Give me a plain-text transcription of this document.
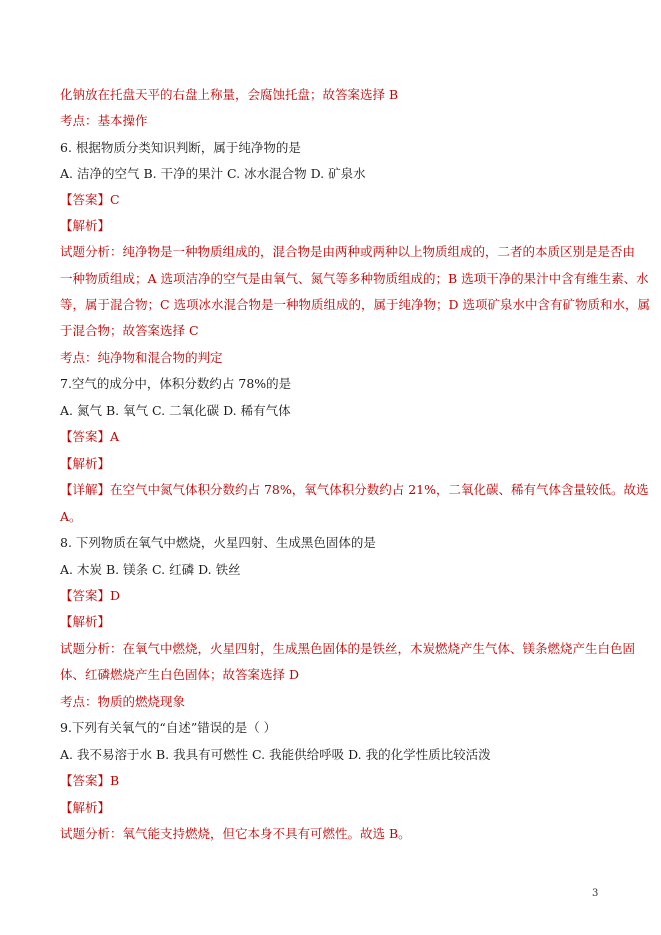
化钠放在托盘天平的右盘上称量，会腐蚀托盘；故答案选择 B
考点：基本操作
6. 根据物质分类知识判断，属于纯净物的是
A. 洁净的空气 B. 干净的果汁 C. 冰水混合物 D. 矿泉水
【答案】C
【解析】
试题分析：纯净物是一种物质组成的，混合物是由两种或两种以上物质组成的，二者的本质区别是是否由
一种物质组成；A 选项洁净的空气是由氧气、氮气等多种物质组成的；B 选项干净的果汁中含有维生素、水
等，属于混合物；C 选项冰水混合物是一种物质组成的，属于纯净物；D 选项矿泉水中含有矿物质和水，属
于混合物；故答案选择 C
考点：纯净物和混合物的判定
7.空气的成分中，体积分数约占 78%的是
A. 氮气 B. 氧气 C. 二氧化碳 D. 稀有气体
【答案】A
【解析】
【详解】在空气中氮气体积分数约占 78%，氧气体积分数约占 21%，二氧化碳、稀有气体含量较低。故选
A。
8. 下列物质在氧气中燃烧，火星四射、生成黑色固体的是
A. 木炭 B. 镁条 C. 红磷 D. 铁丝
【答案】D
【解析】
试题分析：在氧气中燃烧，火星四射，生成黑色固体的是铁丝，木炭燃烧产生气体、镁条燃烧产生白色固
体、红磷燃烧产生白色固体；故答案选择 D
考点：物质的燃烧现象
9.下列有关氧气的“自述”错误的是（ ）
A. 我不易溶于水 B. 我具有可燃性 C. 我能供给呼吸 D. 我的化学性质比较活泼
【答案】B
【解析】
试题分析：氧气能支持燃烧，但它本身不具有可燃性。故选 B。
3
